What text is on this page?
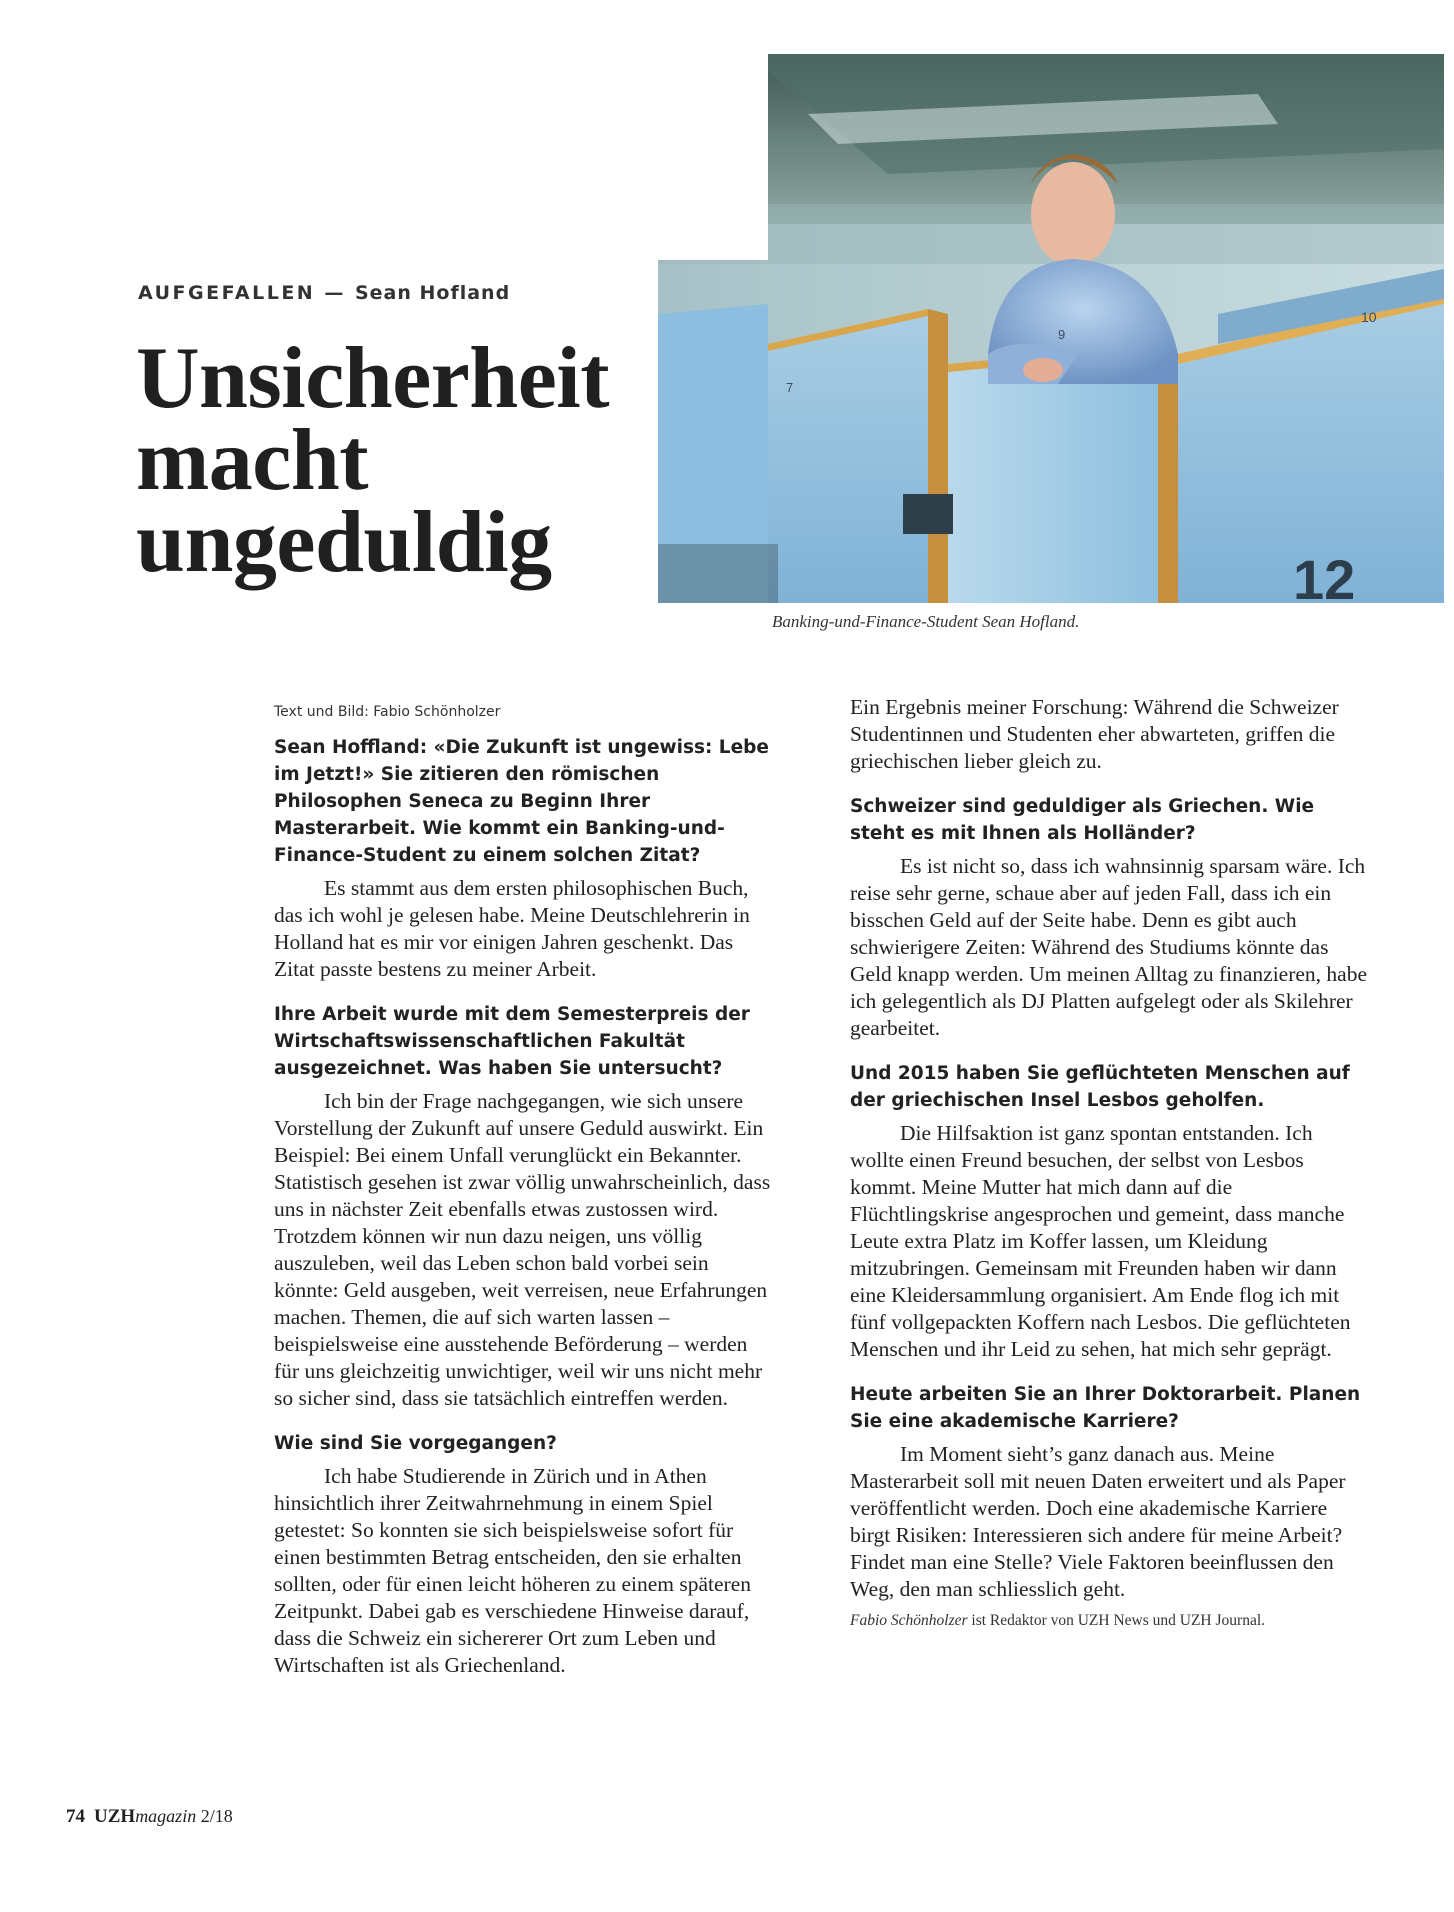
10
9
7
12
AUFGEFALLEN — Sean Hofland
Unsicherheit
macht
ungeduldig
Banking-und-Finance-Student Sean Hofland.
Text und Bild: Fabio Schönholzer

Sean Hoffland: «Die Zukunft ist ungewiss: Lebe im Jetzt!» Sie zitieren den römischen Philosophen Seneca zu Beginn Ihrer Masterarbeit. Wie kommt ein Banking-und-Finance-Student zu einem solchen Zitat?

Es stammt aus dem ersten philosophischen Buch, das ich wohl je gelesen habe. Meine Deutschlehrerin in Holland hat es mir vor einigen Jahren geschenkt. Das Zitat passte bestens zu meiner Arbeit.

Ihre Arbeit wurde mit dem Semesterpreis der Wirtschaftswissenschaftlichen Fakultät ausgezeichnet. Was haben Sie untersucht?

Ich bin der Frage nachgegangen, wie sich unsere Vorstellung der Zukunft auf unsere Geduld auswirkt. Ein Beispiel: Bei einem Unfall verunglückt ein Bekannter. Statistisch gesehen ist zwar völlig unwahrscheinlich, dass uns in nächster Zeit ebenfalls etwas zustossen wird. Trotzdem können wir nun dazu neigen, uns völlig auszuleben, weil das Leben schon bald vorbei sein könnte: Geld ausgeben, weit verreisen, neue Erfahrungen machen. Themen, die auf sich warten lassen – beispielsweise eine ausstehende Beförderung – werden für uns gleichzeitig unwichtiger, weil wir uns nicht mehr so sicher sind, dass sie tatsächlich eintreffen werden.

Wie sind Sie vorgegangen?

Ich habe Studierende in Zürich und in Athen hinsichtlich ihrer Zeitwahrnehmung in einem Spiel getestet: So konnten sie sich beispielsweise sofort für einen bestimmten Betrag entscheiden, den sie erhalten sollten, oder für einen leicht höheren zu einem späteren Zeitpunkt. Dabei gab es verschiedene Hinweise darauf, dass die Schweiz ein sichererer Ort zum Leben und Wirtschaften ist als Griechenland.

Ein Ergebnis meiner Forschung: Während die Schweizer Studentinnen und Studenten eher abwarteten, griffen die griechischen lieber gleich zu.

Schweizer sind geduldiger als Griechen. Wie steht es mit Ihnen als Holländer?

Es ist nicht so, dass ich wahnsinnig sparsam wäre. Ich reise sehr gerne, schaue aber auf jeden Fall, dass ich ein bisschen Geld auf der Seite habe. Denn es gibt auch schwierigere Zeiten: Während des Studiums könnte das Geld knapp werden. Um meinen Alltag zu finanzieren, habe ich gelegentlich als DJ Platten aufgelegt oder als Skilehrer gearbeitet.

Und 2015 haben Sie geflüchteten Menschen auf der griechischen Insel Lesbos geholfen.

Die Hilfsaktion ist ganz spontan entstanden. Ich wollte einen Freund besuchen, der selbst von Lesbos kommt. Meine Mutter hat mich dann auf die Flüchtlingskrise angesprochen und gemeint, dass manche Leute extra Platz im Koffer lassen, um Kleidung mitzubringen. Gemeinsam mit Freunden haben wir dann eine Kleidersammlung organisiert. Am Ende flog ich mit fünf vollgepackten Koffern nach Lesbos. Die geflüchteten Menschen und ihr Leid zu sehen, hat mich sehr geprägt.

Heute arbeiten Sie an Ihrer Doktorarbeit. Planen Sie eine akademische Karriere?

Im Moment sieht’s ganz danach aus. Meine Masterarbeit soll mit neuen Daten erweitert und als Paper veröffentlicht werden. Doch eine akademische Karriere birgt Risiken: Interessieren sich andere für meine Arbeit? Findet man eine Stelle? Viele Faktoren beeinflussen den Weg, den man schliesslich geht.

Fabio Schönholzer ist Redaktor von UZH News und UZH Journal.
74 UZHmagazin 2/18
